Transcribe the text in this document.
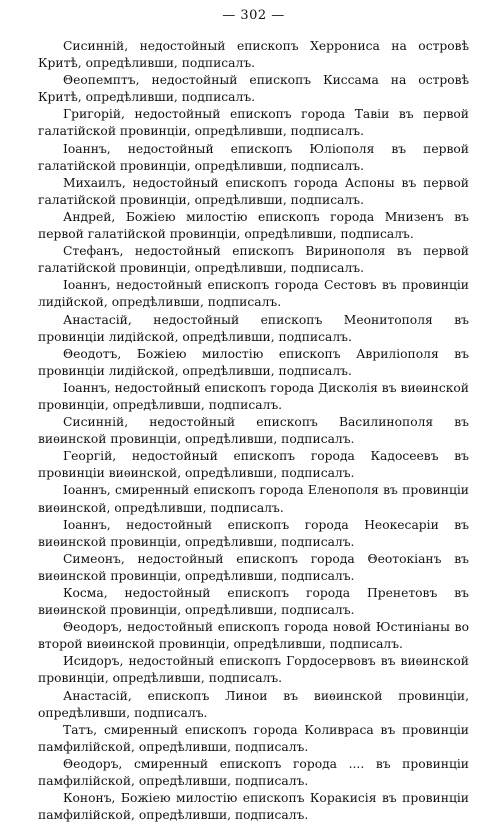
— 302 —

Сисинній, недостойный епископъ Херрониса на островѣ Критѣ, опредѣливши, подписалъ.

Θеопемптъ, недостойный епископъ Киссама на островѣ Критѣ, опредѣливши, подписалъ.

Григорій, недостойный епископъ города Тавіи въ первой галатійской провинціи, опредѣливши, подписалъ.

Іоаннъ, недостойный епископъ Юліополя въ первой галатійской провинціи, опредѣливши, подписалъ.

Михаилъ, недостойный епископъ города Аспоны въ первой галатійской провинціи, опредѣливши, подписалъ.

Андрей, Божіею милостію епископъ города Мнизенъ въ первой галатійской провинціи, опредѣливши, подписалъ.

Стефанъ, недостойный епископъ Виринополя въ первой галатійской провинціи, опредѣливши, подписалъ.

Іоаннъ, недостойный епископъ города Сестовъ въ провинціи лидійской, опредѣливши, подписалъ.

Анастасій, недостойный епископъ Меонитополя въ провинціи лидійской, опредѣливши, подписалъ.

Θеодотъ, Божіею милостію епископъ Авриліополя въ провинціи лидійской, опредѣливши, подписалъ.

Іоаннъ, недостойный епископъ города Дисколія въ виѳинской провинціи, опредѣливши, подписалъ.

Сисинній, недостойный епископъ Василинополя въ виѳинской провинціи, опредѣливши, подписалъ.

Георгій, недостойный епископъ города Кадосеевъ въ провинціи виѳинской, опредѣливши, подписалъ.

Іоаннъ, смиренный епископъ города Еленополя въ провинціи виѳинской, опредѣливши, подписалъ.

Іоаннъ, недостойный епископъ города Неокесаріи въ виѳинской провинціи, опредѣливши, подписалъ.

Симеонъ, недостойный епископъ города Θеотокіанъ въ виѳинской провинціи, опредѣливши, подписалъ.

Косма, недостойный епископъ города Пренетовъ въ виѳинской провинціи, опредѣливши, подписалъ.

Θеодоръ, недостойный епископъ города новой Юстиніаны во второй виѳинской провинціи, опредѣливши, подписалъ.

Исидоръ, недостойный епископъ Гордосервовъ въ виѳинской провинціи, опредѣливши, подписалъ.

Анастасій, епископъ Линои въ виѳинской провинціи, опредѣливши, подписалъ.

Татъ, смиренный епископъ города Коливраса въ провинціи памфилійской, опредѣливши, подписалъ.

Θеодоръ, смиренный епископъ города .... въ провинціи памфилійской, опредѣливши, подписалъ.

Кононъ, Божіею милостію епископъ Коракисія въ провинціи памфилійской, опредѣливши, подписалъ.
